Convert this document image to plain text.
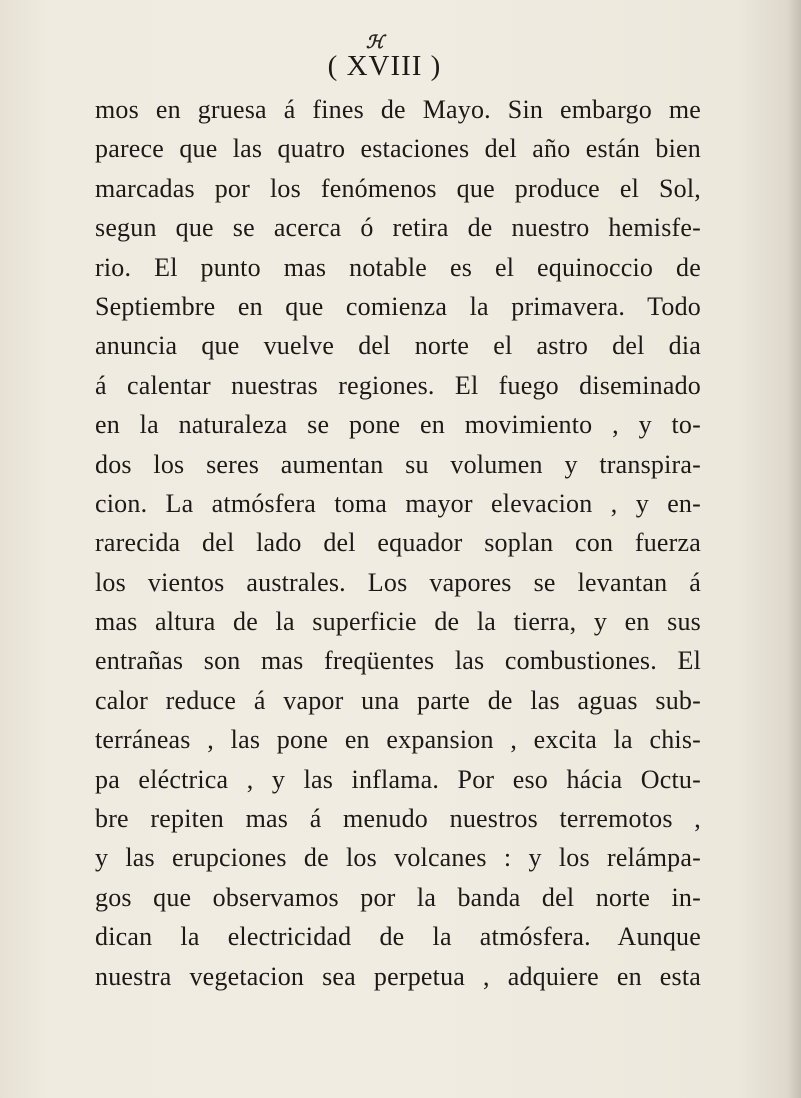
ℋ
( XVIII )
mos en gruesa á fines de Mayo. Sin embargo me
parece que las quatro estaciones del año están bien
marcadas por los fenómenos que produce el Sol,
segun que se acerca ó retira de nuestro hemisfe-
rio. El punto mas notable es el equinoccio de
Septiembre en que comienza la primavera. Todo
anuncia que vuelve del norte el astro del dia
á calentar nuestras regiones. El fuego diseminado
en la naturaleza se pone en movimiento , y to-
dos los seres aumentan su volumen y transpira-
cion. La atmósfera toma mayor elevacion , y en-
rarecida del lado del equador soplan con fuerza
los vientos australes. Los vapores se levantan á
mas altura de la superficie de la tierra, y en sus
entrañas son mas freqüentes las combustiones. El
calor reduce á vapor una parte de las aguas sub-
terráneas , las pone en expansion , excita la chis-
pa eléctrica , y las inflama. Por eso hácia Octu-
bre repiten mas á menudo nuestros terremotos ,
y las erupciones de los volcanes : y los relámpa-
gos que observamos por la banda del norte in-
dican la electricidad de la atmósfera. Aunque
nuestra vegetacion sea perpetua , adquiere en esta
